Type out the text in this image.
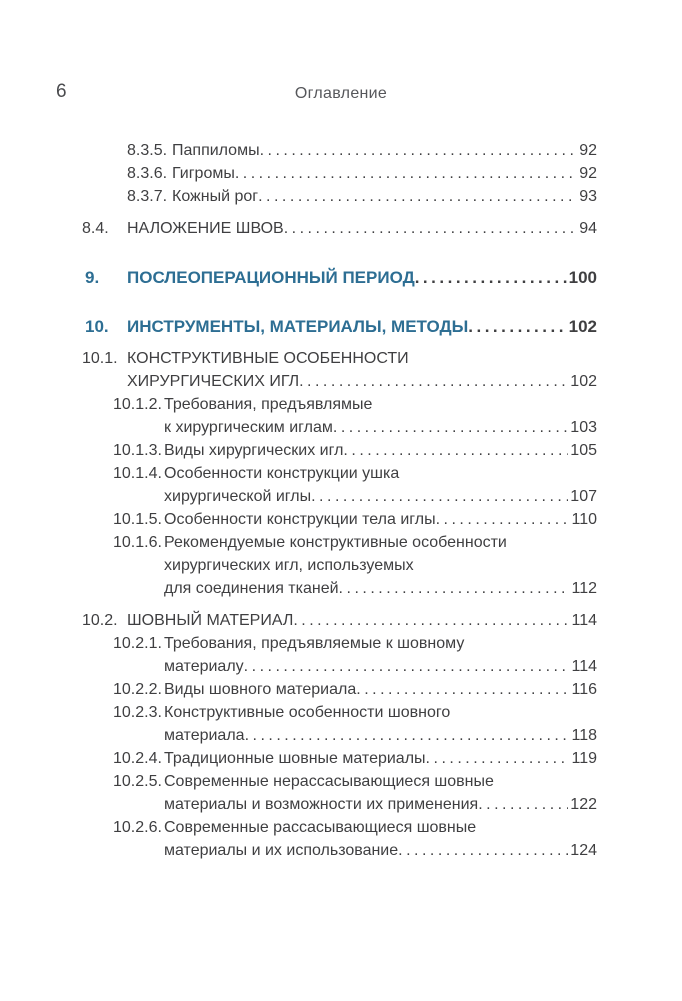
6	Оглавление
8.3.5. Паппиломы .....	92
8.3.6. Гигромы .....	92
8.3.7. Кожный рог .....	93
8.4. НАЛОЖЕНИЕ ШВОВ .....	94
9. ПОСЛЕОПЕРАЦИОННЫЙ ПЕРИОД .....	100
10. ИНСТРУМЕНТЫ, МАТЕРИАЛЫ, МЕТОДЫ .....	102
10.1. КОНСТРУКТИВНЫЕ ОСОБЕННОСТИ
ХИРУРГИЧЕСКИХ ИГЛ .....	102
10.1.2. Требования, предъявлямые
к хирургическим иглам .....	103
10.1.3. Виды хирургических игл .....	105
10.1.4. Особенности конструкции ушка
хирургической иглы .....	107
10.1.5. Особенности конструкции тела иглы .....	110
10.1.6. Рекомендуемые конструктивные особенности
хирургических игл, используемых
для соединения тканей .....	112
10.2. ШОВНЫЙ МАТЕРИАЛ .....	114
10.2.1. Требования, предъявляемые к шовному
материалу .....	114
10.2.2. Виды шовного материала .....	116
10.2.3. Конструктивные особенности шовного
материала .....	118
10.2.4. Традиционные шовные материалы .....	119
10.2.5. Современные нерассасывающиеся шовные
материалы и возможности их применения .....	122
10.2.6. Современные рассасывающиеся шовные
материалы и их использование .....	124
